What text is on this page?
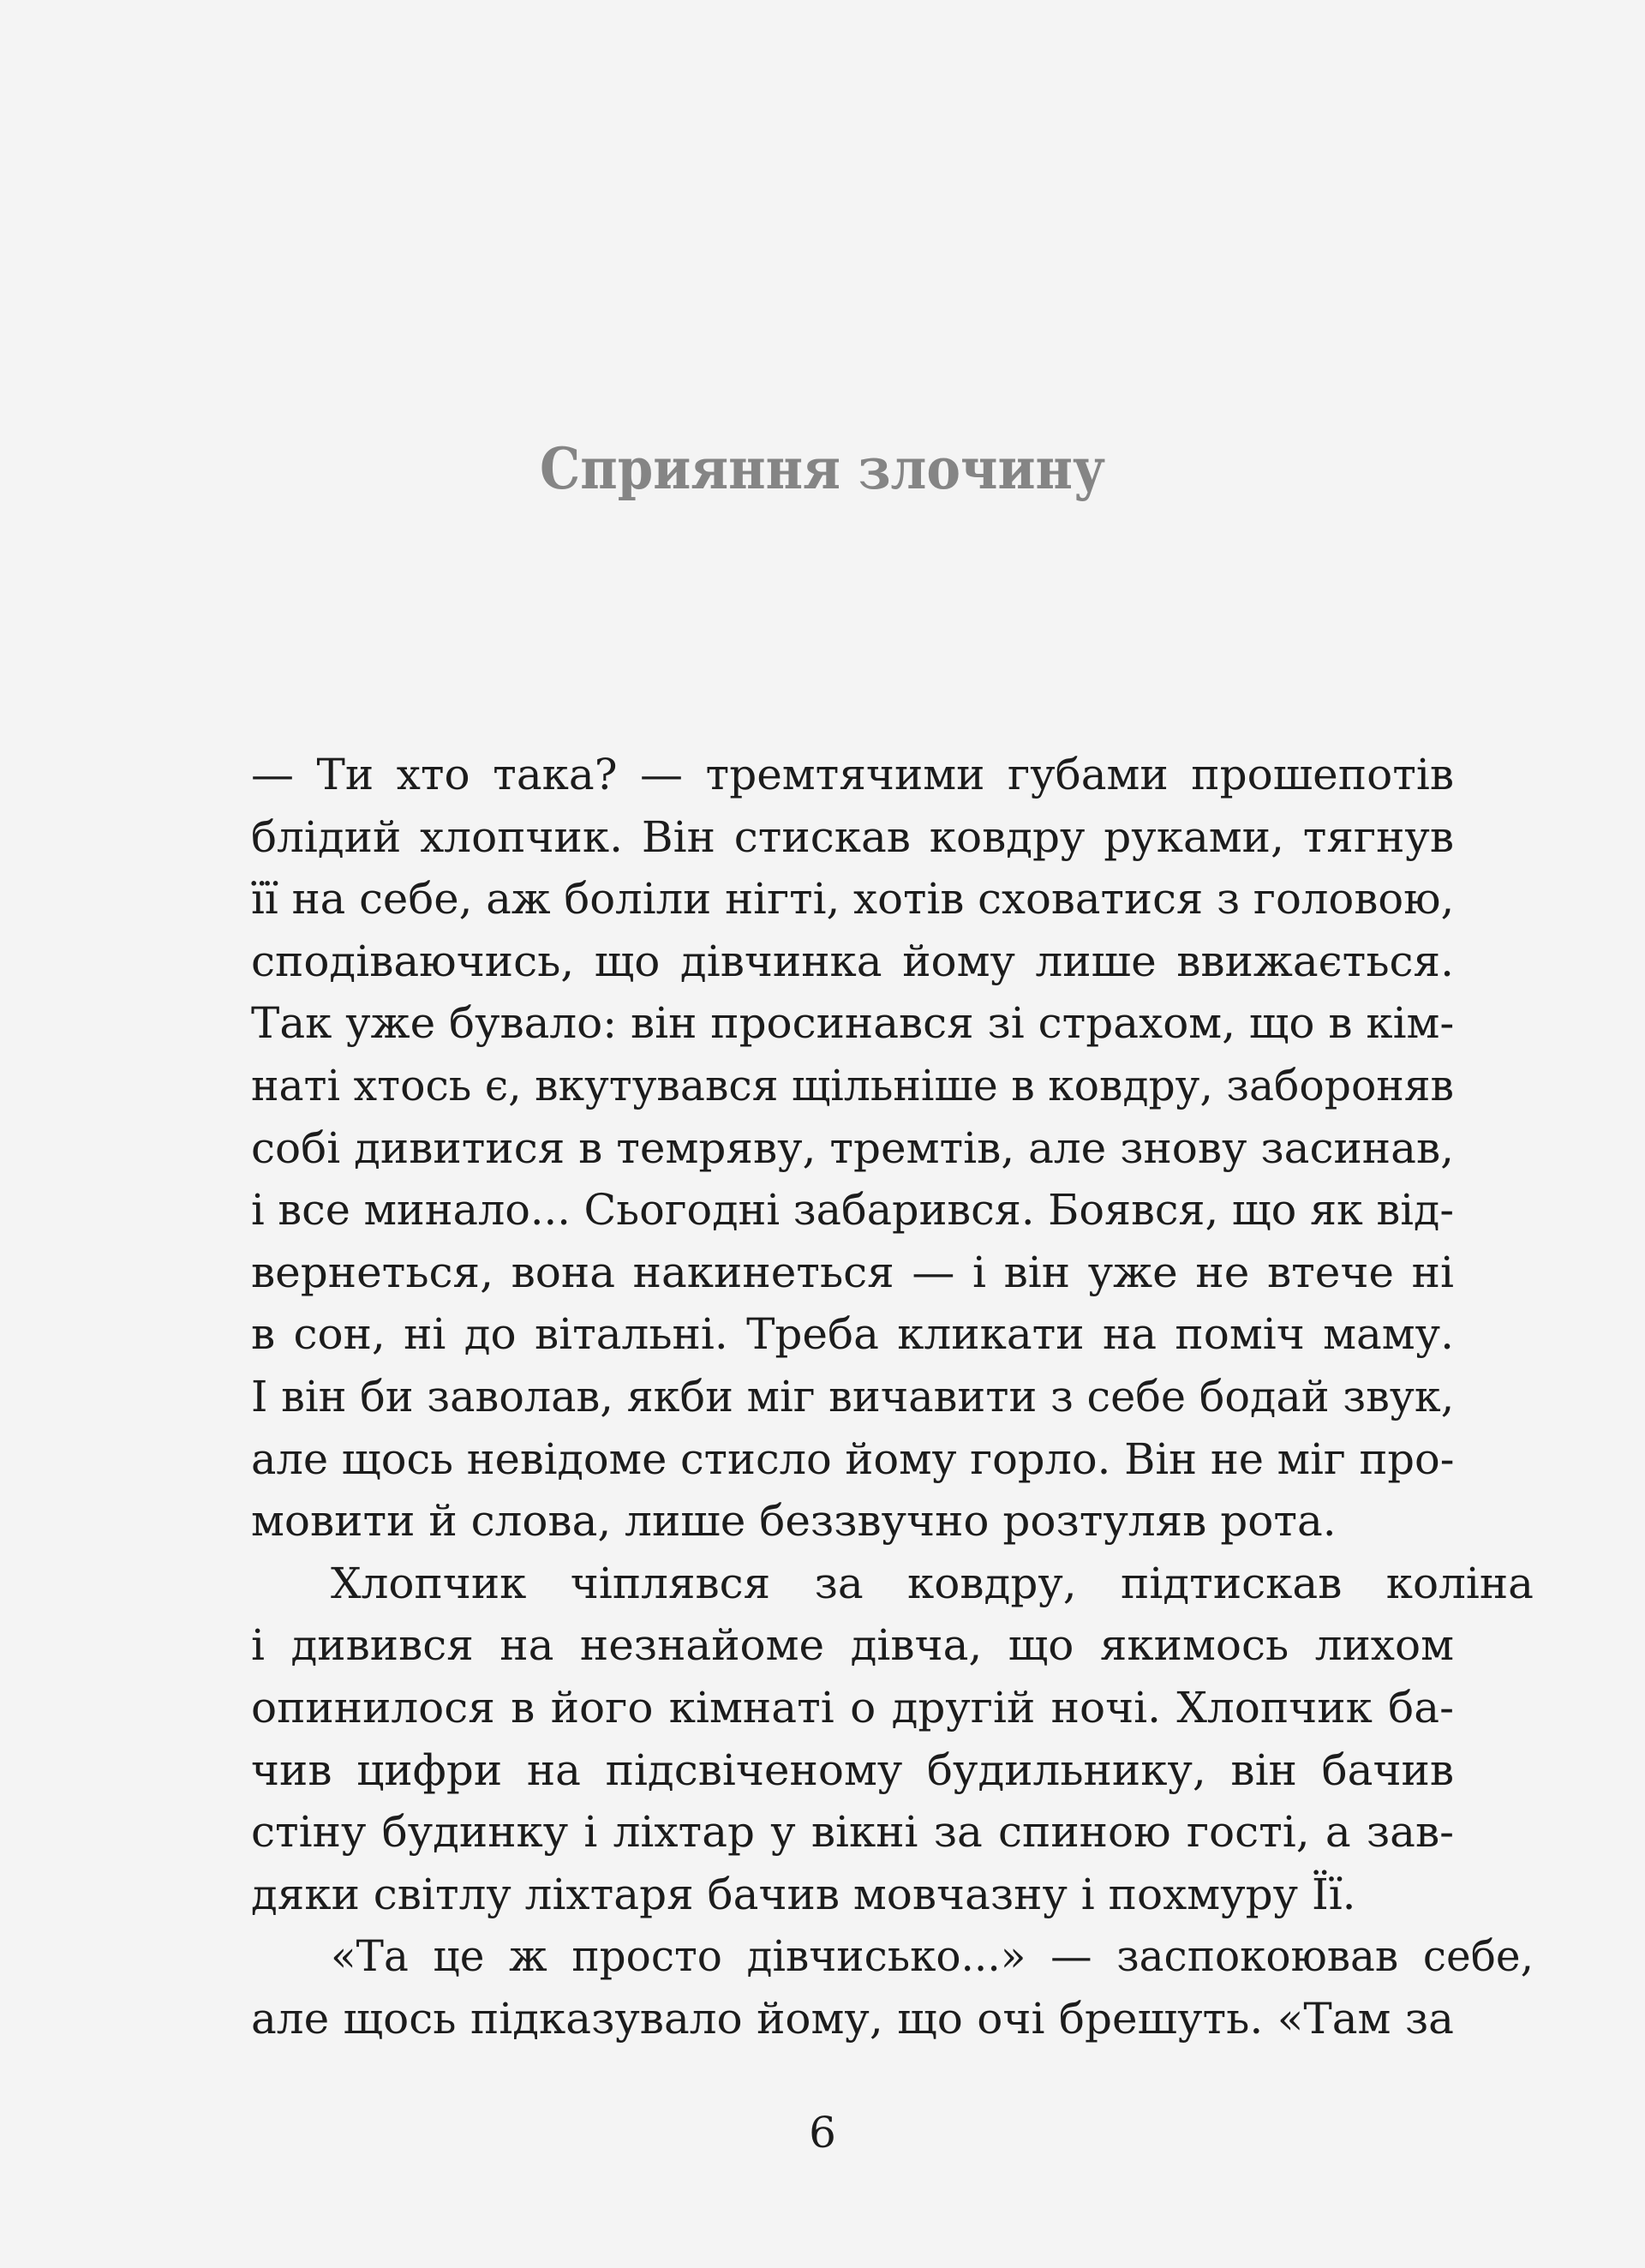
Сприяння злочину
— Ти хто така? — тремтячими губами прошепотів
блідий хлопчик. Він стискав ковдру руками, тягнув
її на себе, аж боліли нігті, хотів сховатися з головою,
сподіваючись, що дівчинка йому лише ввижається.
Так уже бувало: він просинався зі страхом, що в кім-
наті хтось є, вкутувався щільніше в ковдру, забороняв
собі дивитися в темряву, тремтів, але знову засинав,
і все минало... Сьогодні забарився. Боявся, що як від-
вернеться, вона накинеться — і він уже не втече ні
в сон, ні до вітальні. Треба кликати на поміч маму.
І він би заволав, якби міг вичавити з себе бодай звук,
але щось невідоме стисло йому горло. Він не міг про-
мовити й слова, лише беззвучно розтуляв рота.
Хлопчик чіплявся за ковдру, підтискав коліна
і дивився на незнайоме дівча, що якимось лихом
опинилося в його кімнаті о другій ночі. Хлопчик ба-
чив цифри на підсвіченому будильнику, він бачив
стіну будинку і ліхтар у вікні за спиною гості, а зав-
дяки світлу ліхтаря бачив мовчазну і похмуру Її.
«Та це ж просто дівчисько...» — заспокоював себе,
але щось підказувало йому, що очі брешуть. «Там за
6
